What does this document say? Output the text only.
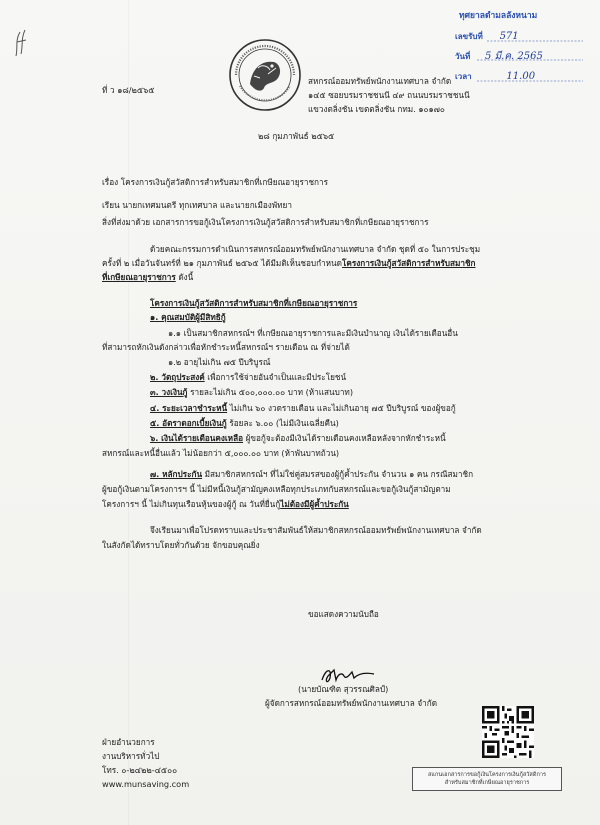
ทุศยาลดำมลลังหนาม
เลขรับที่ 571
วันที่ 5 มี.ค. 2565
เวลา	11.00
ที่ ว ๑๘/๒๕๖๕
สหกรณ์ออมทรัพย์พนักงานเทศบาล จำกัด
๑๔๕ ซอยบรมราชชนนี ๔๙ ถนนบรมราชชนนี
แขวงตลิ่งชัน เขตตลิ่งชัน กทม. ๑๐๑๗๐
๒๘ กุมภาพันธ์ ๒๕๖๕
เรื่อง โครงการเงินกู้สวัสดิการสำหรับสมาชิกที่เกษียณอายุราชการ
เรียน นายกเทศมนตรี ทุกเทศบาล และนายกเมืองพัทยา
สิ่งที่ส่งมาด้วย เอกสารการขอกู้เงินโครงการเงินกู้สวัสดิการสำหรับสมาชิกที่เกษียณอายุราชการ
ด้วยคณะกรรมการดำเนินการสหกรณ์ออมทรัพย์พนักงานเทศบาล จำกัด ชุดที่ ๕๐ ในการประชุม
ครั้งที่ ๒ เมื่อวันจันทร์ที่ ๒๑ กุมภาพันธ์ ๒๕๖๕ ได้มีมติเห็นชอบกำหนดโครงการเงินกู้สวัสดิการสำหรับสมาชิก
ที่เกษียณอายุราชการ ดังนี้
โครงการเงินกู้สวัสดิการสำหรับสมาชิกที่เกษียณอายุราชการ
๑. คุณสมบัติผู้มีสิทธิกู้
๑.๑ เป็นสมาชิกสหกรณ์ฯ ที่เกษียณอายุราชการและมีเงินบำนาญ เงินได้รายเดือนอื่น
ที่สามารถหักเงินดังกล่าวเพื่อหักชำระหนี้สหกรณ์ฯ รายเดือน ณ ที่จ่ายได้
๑.๒ อายุไม่เกิน ๗๕ ปีบริบูรณ์
๒. วัตถุประสงค์ เพื่อการใช้จ่ายอันจำเป็นและมีประโยชน์
๓. วงเงินกู้ รายละไม่เกิน ๕๐๐,๐๐๐.๐๐ บาท (ห้าแสนบาท)
๔. ระยะเวลาชำระหนี้ ไม่เกิน ๖๐ งวดรายเดือน และไม่เกินอายุ ๗๕ ปีบริบูรณ์ ของผู้ขอกู้
๕. อัตราดอกเบี้ยเงินกู้ ร้อยละ ๖.๐๐ (ไม่มีเงินเฉลี่ยคืน)
๖. เงินได้รายเดือนคงเหลือ ผู้ขอกู้จะต้องมีเงินได้รายเดือนคงเหลือหลังจากหักชำระหนี้
สหกรณ์และหนี้อื่นแล้ว ไม่น้อยกว่า ๕,๐๐๐.๐๐ บาท (ห้าพันบาทถ้วน)
๗. หลักประกัน มีสมาชิกสหกรณ์ฯ ที่ไม่ใช่คู่สมรสของผู้กู้ค้ำประกัน จำนวน ๑ คน กรณีสมาชิก
ผู้ขอกู้เงินตามโครงการฯ นี้ ไม่มีหนี้เงินกู้สามัญคงเหลือทุกประเภทกับสหกรณ์และขอกู้เงินกู้สามัญตาม
โครงการฯ นี้ ไม่เกินทุนเรือนหุ้นของผู้กู้ ณ วันที่ยื่นกู้ไม่ต้องมีผู้ค้ำประกัน
จึงเรียนมาเพื่อโปรดทราบและประชาสัมพันธ์ให้สมาชิกสหกรณ์ออมทรัพย์พนักงานเทศบาล จำกัด
ในสังกัดได้ทราบโดยทั่วกันด้วย จักขอบคุณยิ่ง
ขอแสดงความนับถือ
(นายบัณฑิต สุวรรณศิลป์)
ผู้จัดการสหกรณ์ออมทรัพย์พนักงานเทศบาล จำกัด
ฝ่ายอำนวยการ
งานบริหารทั่วไป
โทร. ๐-๒๔๒๒-๔๕๐๐
www.munsaving.com
สแกนเอกสารการขอกู้เงินโครงการเงินกู้สวัสดิการ
สำหรับสมาชิกที่เกษียณอายุราชการ
